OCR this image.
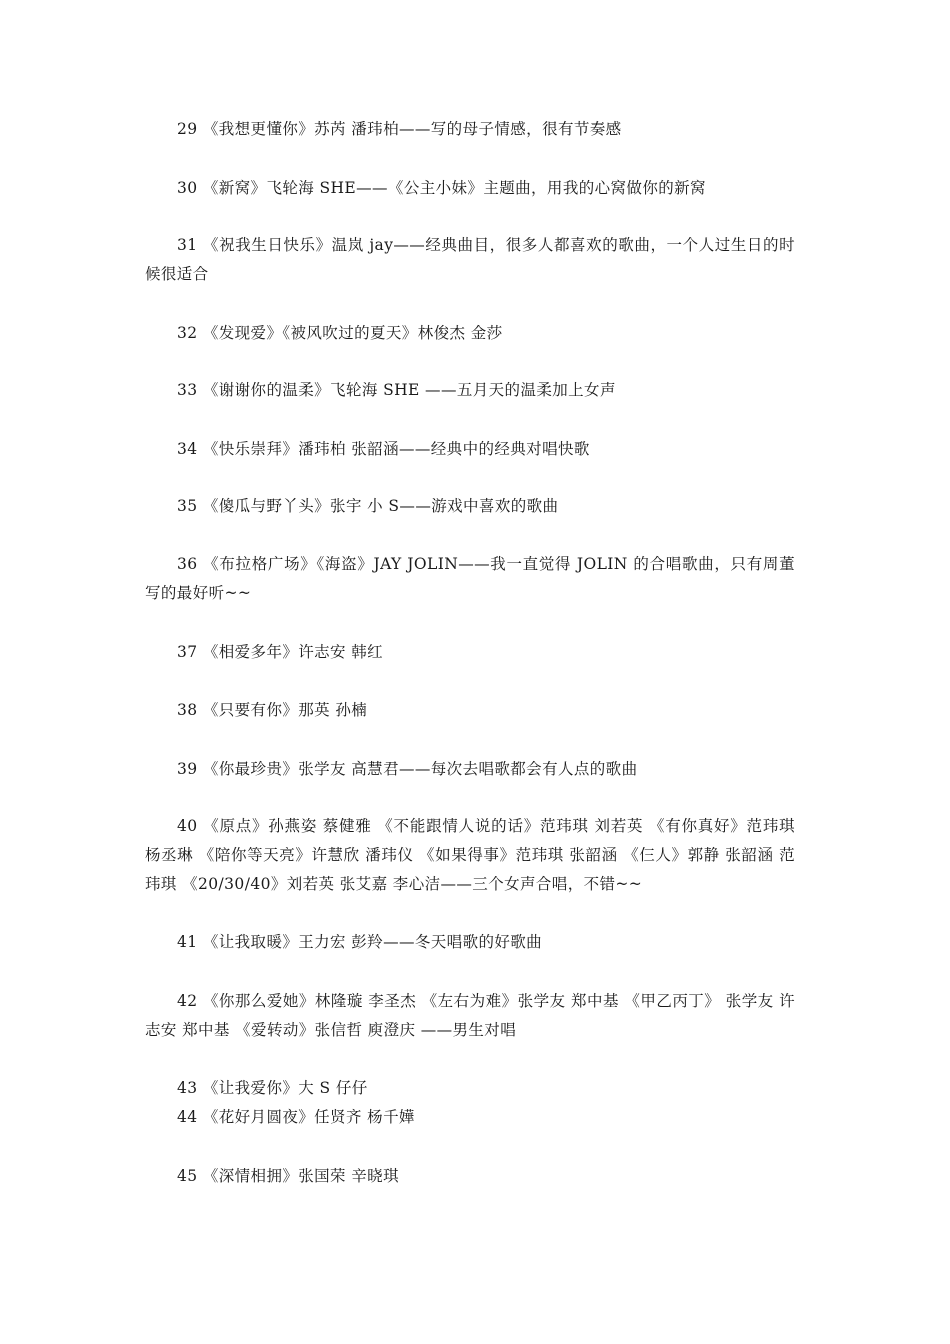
29 《我想更懂你》苏芮 潘玮柏——写的母子情感，很有节奏感

30 《新窝》飞轮海 SHE——《公主小妹》主题曲，用我的心窝做你的新窝

31 《祝我生日快乐》温岚 jay——经典曲目，很多人都喜欢的歌曲，一个人过生日的时候很适合

32 《发现爱》《被风吹过的夏天》林俊杰 金莎

33 《谢谢你的温柔》飞轮海 SHE ——五月天的温柔加上女声

34 《快乐崇拜》潘玮柏 张韶涵——经典中的经典对唱快歌

35 《傻瓜与野丫头》张宇 小 S——游戏中喜欢的歌曲

36 《布拉格广场》《海盗》JAY JOLIN——我一直觉得 JOLIN 的合唱歌曲，只有周董写的最好听~~

37 《相爱多年》许志安 韩红

38 《只要有你》那英 孙楠

39 《你最珍贵》张学友 高慧君——每次去唱歌都会有人点的歌曲

40 《原点》孙燕姿 蔡健雅 《不能跟情人说的话》范玮琪 刘若英 《有你真好》范玮琪 杨丞琳 《陪你等天亮》许慧欣 潘玮仪 《如果得事》范玮琪 张韶涵 《仨人》郭静 张韶涵 范玮琪 《20/30/40》刘若英 张艾嘉 李心洁——三个女声合唱，不错~~

41 《让我取暖》王力宏 彭羚——冬天唱歌的好歌曲

42 《你那么爱她》林隆璇 李圣杰 《左右为难》张学友 郑中基 《甲乙丙丁》 张学友 许志安 郑中基 《爱转动》张信哲 庾澄庆 ——男生对唱

43 《让我爱你》大 S 仔仔

44 《花好月圆夜》任贤齐 杨千嬅

45 《深情相拥》张国荣 辛晓琪
